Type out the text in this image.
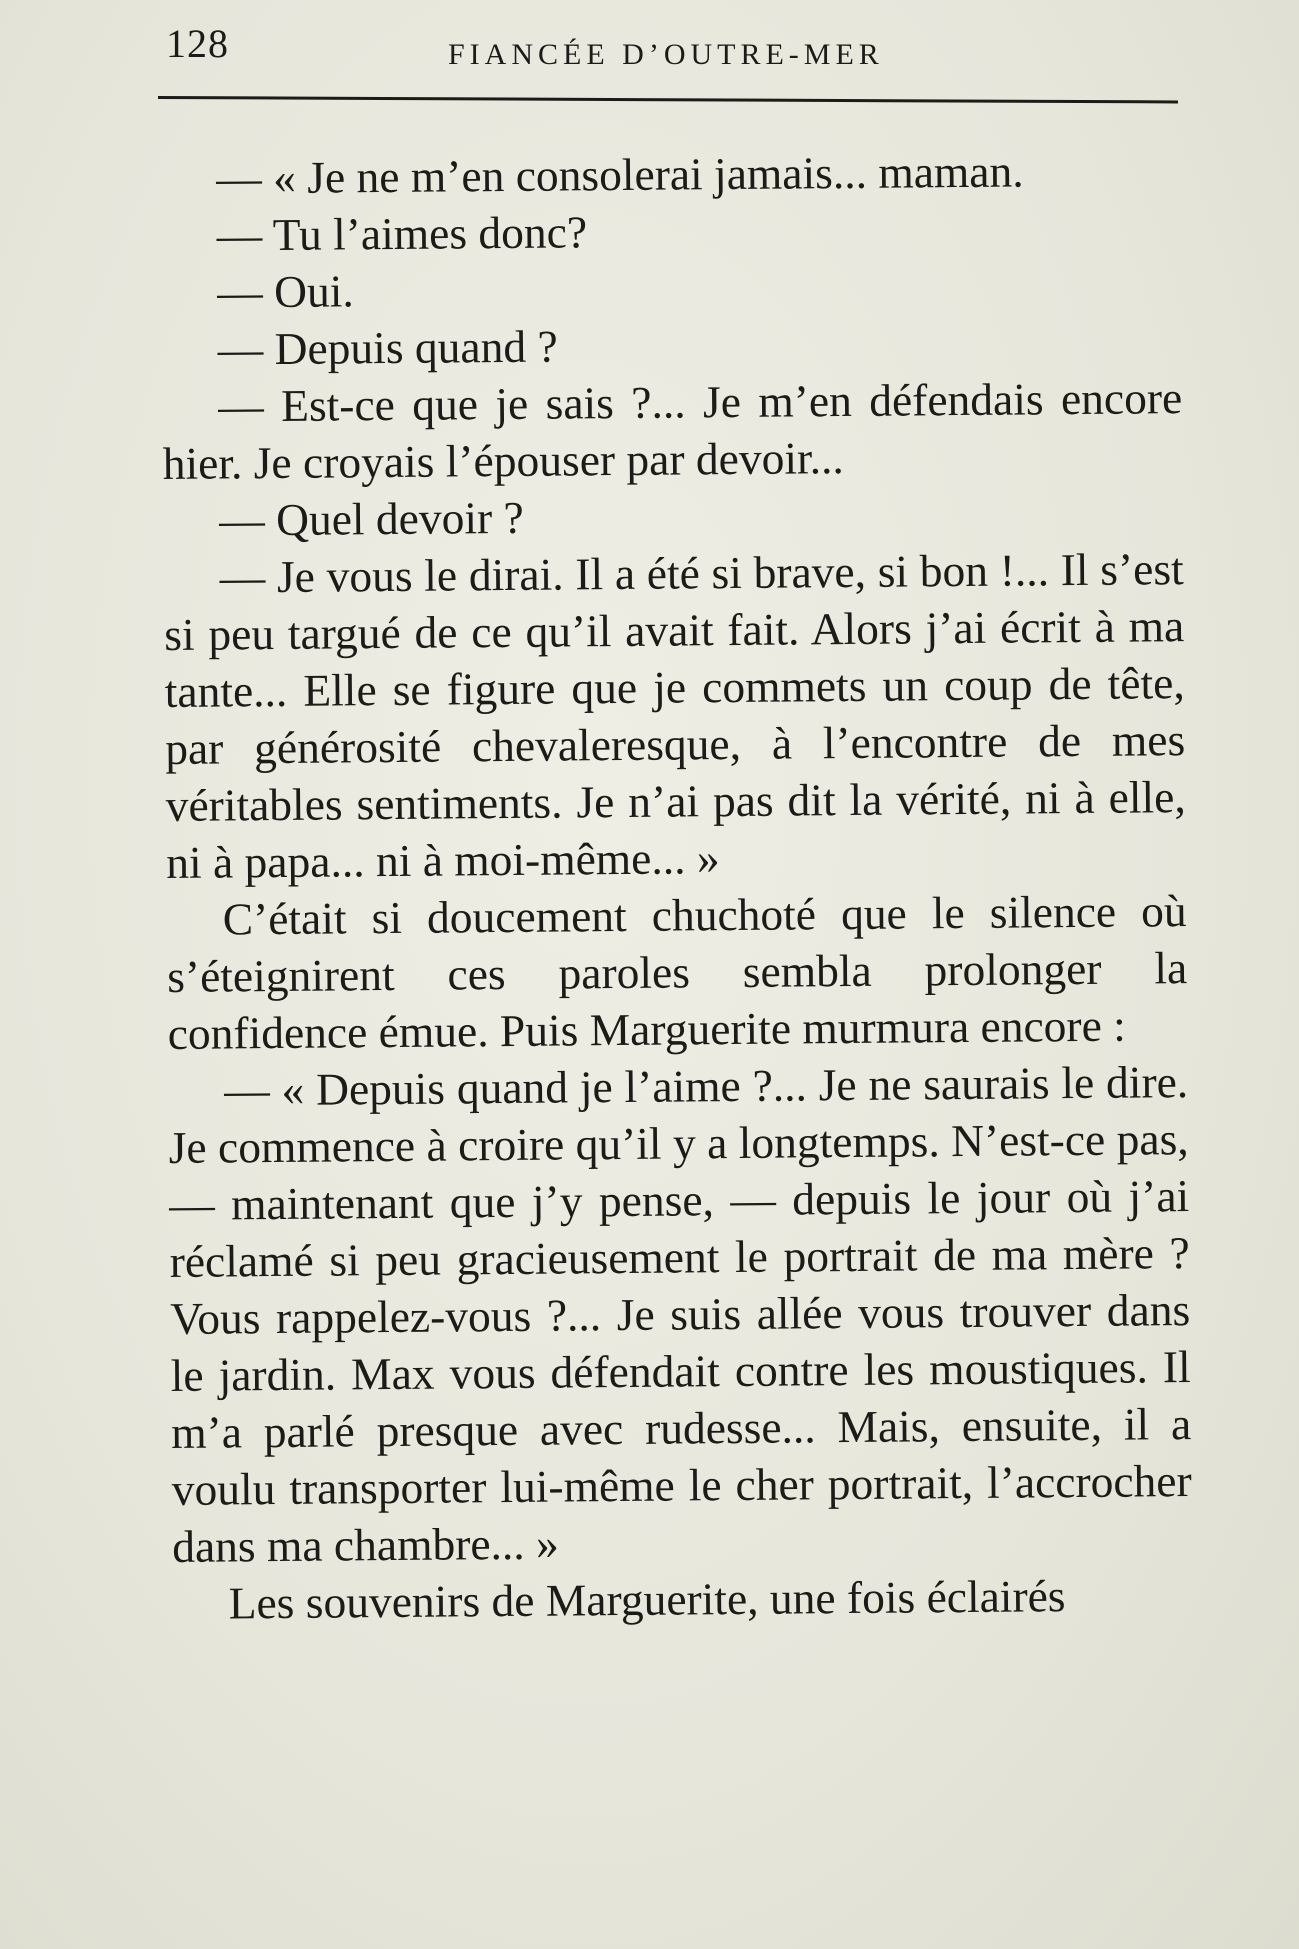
128	FIANCÉE D’OUTRE-MER

— « Je ne m’en consolerai jamais... maman.

— Tu l’aimes donc?

— Oui.

— Depuis quand ?

— Est-ce que je sais ?... Je m’en défendais encore hier. Je croyais l’épouser par devoir...

— Quel devoir ?

— Je vous le dirai. Il a été si brave, si bon !... Il s’est si peu targué de ce qu’il avait fait. Alors j’ai écrit à ma tante... Elle se figure que je commets un coup de tête, par générosité chevaleresque, à l’encontre de mes véritables sentiments. Je n’ai pas dit la vérité, ni à elle, ni à papa... ni à moi-même... »

C’était si doucement chuchoté que le silence où s’éteignirent ces paroles sembla prolonger la confidence émue. Puis Marguerite murmura encore :

— « Depuis quand je l’aime ?... Je ne saurais le dire. Je commence à croire qu’il y a longtemps. N’est-ce pas, — maintenant que j’y pense, — depuis le jour où j’ai réclamé si peu gracieusement le portrait de ma mère ? Vous rappelez-vous ?... Je suis allée vous trouver dans le jardin. Max vous défendait contre les moustiques. Il m’a parlé presque avec rudesse... Mais, ensuite, il a voulu transporter lui-même le cher portrait, l’accrocher dans ma chambre... »

Les souvenirs de Marguerite, une fois éclairés
